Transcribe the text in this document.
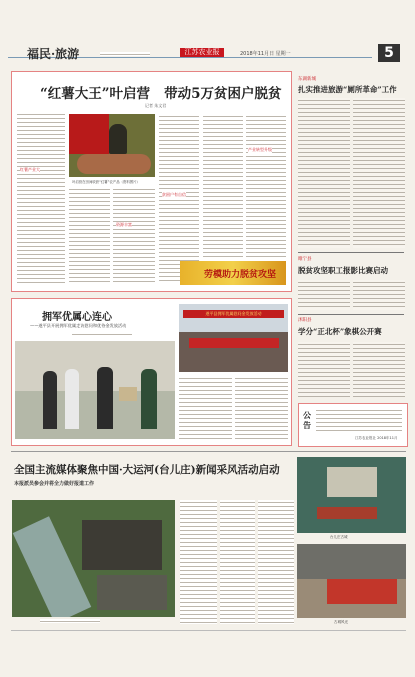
福民·旅游	江苏农业报	2018年11月日 星期一	5
“红薯大王”叶启营   带动5万贫困户脱贫
记者 朱文君
红薯产业大
叶启营在田间收获“红薯”农产品（资料图片）
资源丰富
贫困户有自信
产业转型升级
劳模助力脱贫攻坚
东湖新城
扎实推进旅游“厕所革命”工作
睢宁县
脱贫攻坚职工报影比赛启动
沭阳县
学分“正北杯”象棋公开赛
公告
江苏农业报社 2018年11月
拥军优属心连心
——遂平县开展拥军优属走访慰问和优待金发放活动
遂平县拥军优属慰问金发放活动
全国主流媒体聚焦中国·大运河(台儿庄)新闻采风活动启动
本报派员参会并将全力做好报道工作
台儿庄古城
古城风光
